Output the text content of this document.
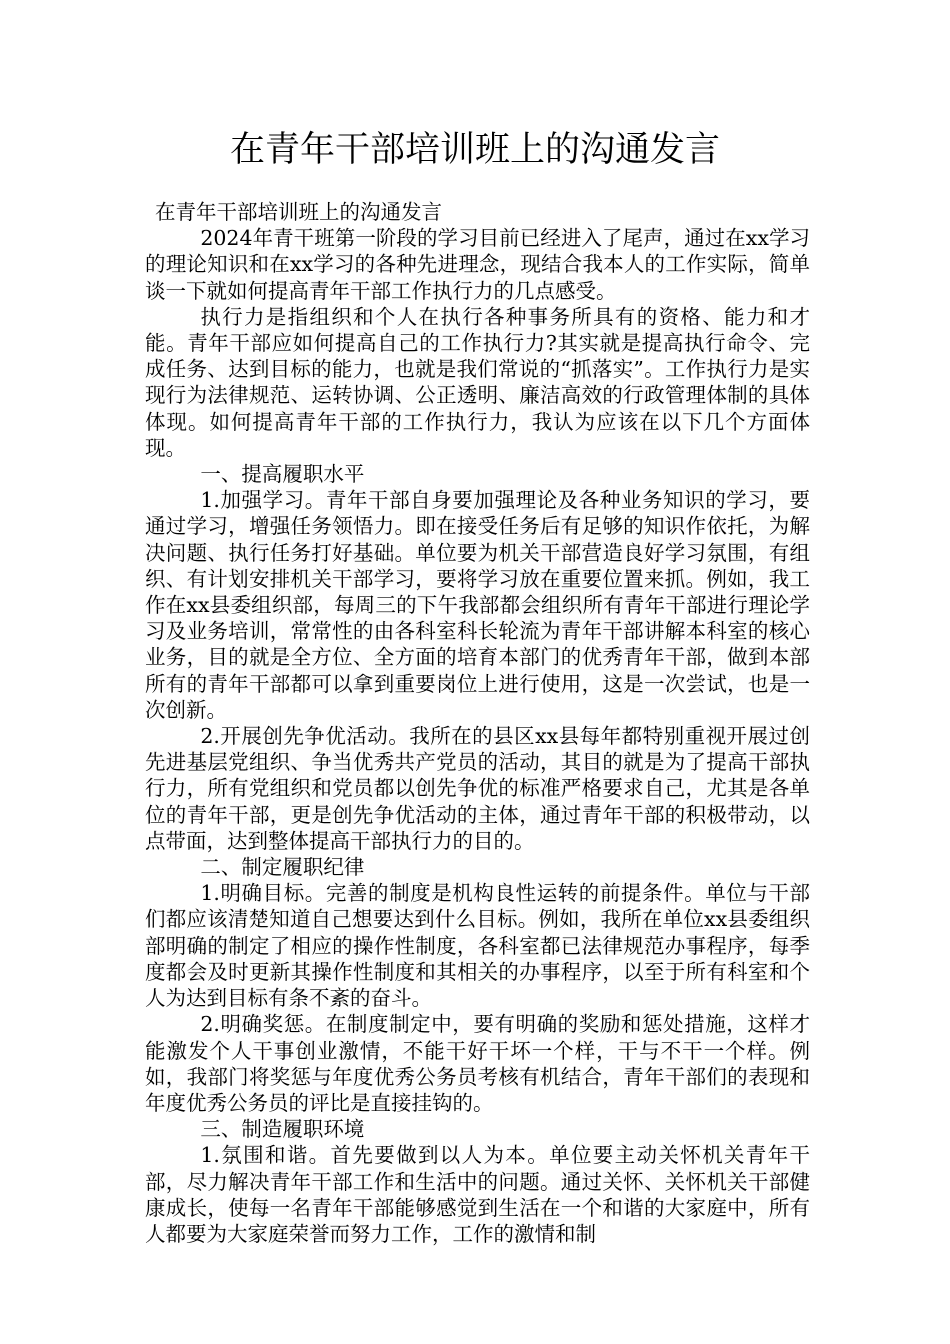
在青年干部培训班上的沟通发言

在青年干部培训班上的沟通发言

2024年青干班第一阶段的学习目前已经进入了尾声，通过在xx学习的理论知识和在xx学习的各种先进理念，现结合我本人的工作实际，简单谈一下就如何提高青年干部工作执行力的几点感受。

执行力是指组织和个人在执行各种事务所具有的资格、能力和才能。青年干部应如何提高自己的工作执行力?其实就是提高执行命令、完成任务、达到目标的能力，也就是我们常说的“抓落实”。工作执行力是实现行为法律规范、运转协调、公正透明、廉洁高效的行政管理体制的具体体现。如何提高青年干部的工作执行力，我认为应该在以下几个方面体现。

一、提高履职水平

1.加强学习。青年干部自身要加强理论及各种业务知识的学习，要通过学习，增强任务领悟力。即在接受任务后有足够的知识作依托，为解决问题、执行任务打好基础。单位要为机关干部营造良好学习氛围，有组织、有计划安排机关干部学习，要将学习放在重要位置来抓。例如，我工作在xx县委组织部，每周三的下午我部都会组织所有青年干部进行理论学习及业务培训，常常性的由各科室科长轮流为青年干部讲解本科室的核心业务，目的就是全方位、全方面的培育本部门的优秀青年干部，做到本部所有的青年干部都可以拿到重要岗位上进行使用，这是一次尝试，也是一次创新。

2.开展创先争优活动。我所在的县区xx县每年都特别重视开展过创先进基层党组织、争当优秀共产党员的活动，其目的就是为了提高干部执行力，所有党组织和党员都以创先争优的标准严格要求自己，尤其是各单位的青年干部，更是创先争优活动的主体，通过青年干部的积极带动，以点带面，达到整体提高干部执行力的目的。

二、制定履职纪律

1.明确目标。完善的制度是机构良性运转的前提条件。单位与干部们都应该清楚知道自己想要达到什么目标。例如，我所在单位xx县委组织部明确的制定了相应的操作性制度，各科室都已法律规范办事程序，每季度都会及时更新其操作性制度和其相关的办事程序，以至于所有科室和个人为达到目标有条不紊的奋斗。

2.明确奖惩。在制度制定中，要有明确的奖励和惩处措施，这样才能激发个人干事创业激情，不能干好干坏一个样，干与不干一个样。例如，我部门将奖惩与年度优秀公务员考核有机结合，青年干部们的表现和年度优秀公务员的评比是直接挂钩的。

三、制造履职环境

1.氛围和谐。首先要做到以人为本。单位要主动关怀机关青年干部，尽力解决青年干部工作和生活中的问题。通过关怀、关怀机关干部健康成长，使每一名青年干部能够感觉到生活在一个和谐的大家庭中，所有人都要为大家庭荣誉而努力工作，工作的激情和制
